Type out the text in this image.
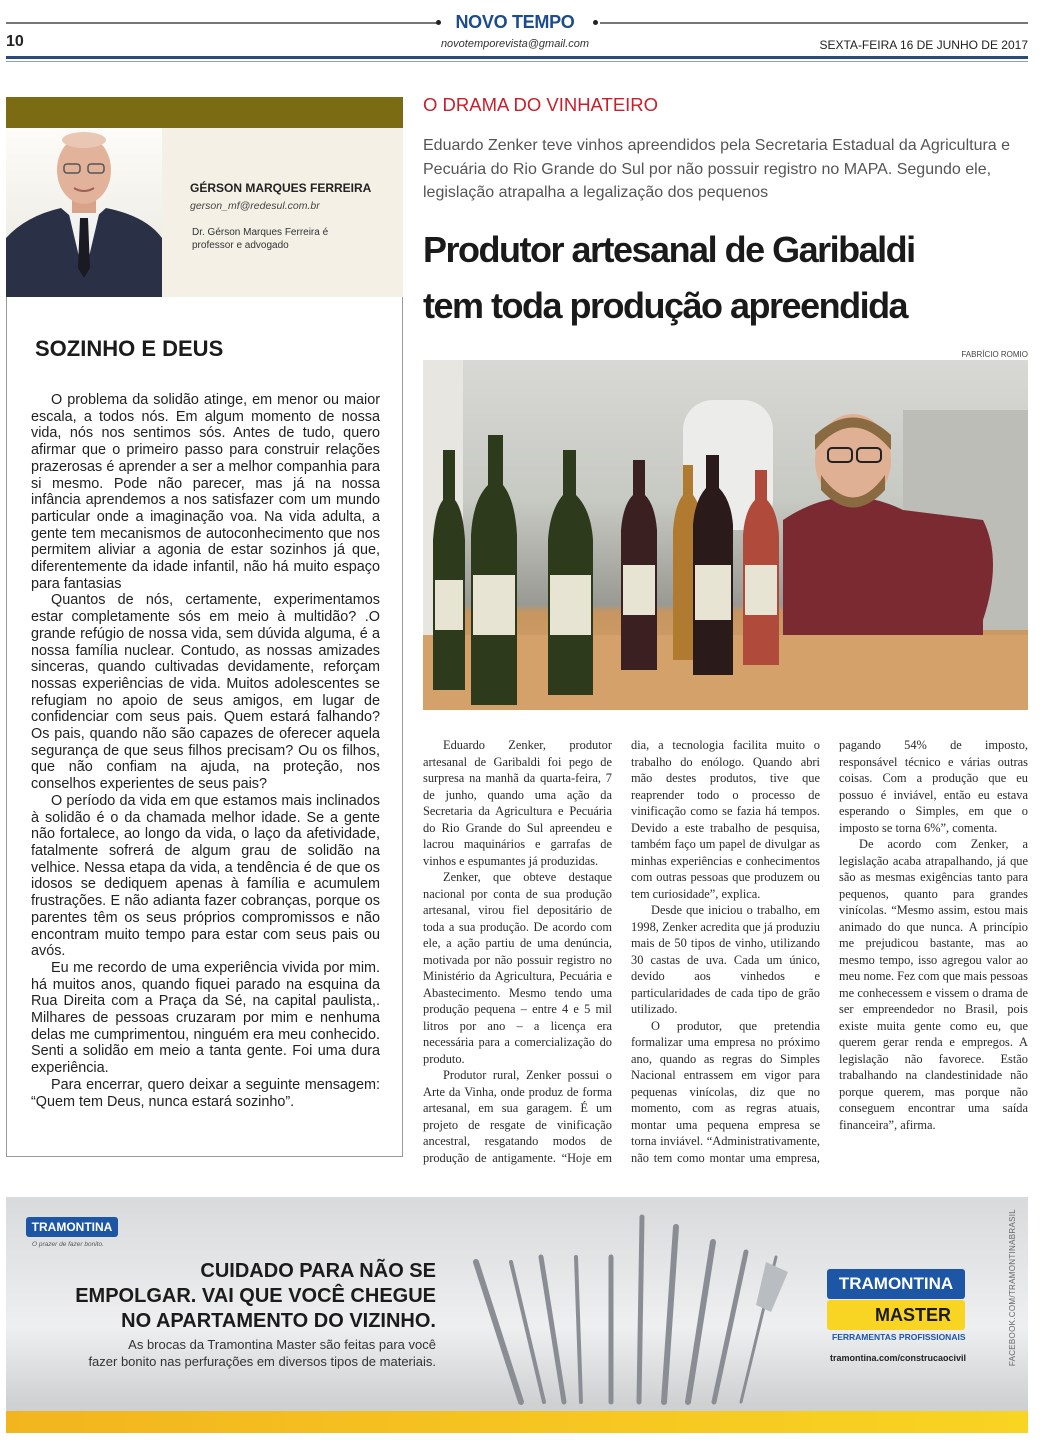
NOVO TEMPO
10	novotemporevista@gmail.com	SEXTA-FEIRA 16 DE JUNHO DE 2017
GÉRSON MARQUES FERREIRA
gerson_mf@redesul.com.br
Dr. Gérson Marques Ferreira é professor e advogado
SOZINHO E DEUS

O problema da solidão atinge, em menor ou maior escala, a todos nós. Em algum momento de nossa vida, nós nos sentimos sós. Antes de tudo, quero afirmar que o primeiro passo para construir relações prazerosas é aprender a ser a melhor companhia para si mesmo. Pode não parecer, mas já na nossa infância aprendemos a nos satisfazer com um mundo particular onde a imaginação voa. Na vida adulta, a gente tem mecanismos de autoconhecimento que nos permitem aliviar a agonia de estar sozinhos já que, diferentemente da idade infantil, não há muito espaço para fantasias

Quantos de nós, certamente, experimentamos estar completamente sós em meio à multidão? .O grande refúgio de nossa vida, sem dúvida alguma, é a nossa família nuclear. Contudo, as nossas amizades sinceras, quando cultivadas devidamente, reforçam nossas experiências de vida. Muitos adolescentes se refugiam no apoio de seus amigos, em lugar de confidenciar com seus pais. Quem estará falhando? Os pais, quando não são capazes de oferecer aquela segurança de que seus filhos precisam? Ou os filhos, que não confiam na ajuda, na proteção, nos conselhos experientes de seus pais?

O período da vida em que estamos mais inclinados à solidão é o da chamada melhor idade. Se a gente não fortalece, ao longo da vida, o laço da afetividade, fatalmente sofrerá de algum grau de solidão na velhice. Nessa etapa da vida, a tendência é de que os idosos se dediquem apenas à família e acumulem frustrações. E não adianta fazer cobranças, porque os parentes têm os seus próprios compromissos e não encontram muito tempo para estar com seus pais ou avós.

Eu me recordo de uma experiência vivida por mim. há muitos anos, quando fiquei parado na esquina da Rua Direita com a Praça da Sé, na capital paulista,. Milhares de pessoas cruzaram por mim e nenhuma delas me cumprimentou, ninguém era meu conhecido. Senti a solidão em meio a tanta gente. Foi uma dura experiência.

Para encerrar, quero deixar a seguinte mensagem: “Quem tem Deus, nunca estará sozinho”.

O DRAMA DO VINHATEIRO
Eduardo Zenker teve vinhos apreendidos pela Secretaria Estadual da Agricultura e Pecuária do Rio Grande do Sul por não possuir registro no MAPA. Segundo ele, legislação atrapalha a legalização dos pequenos
Produtor artesanal de Garibaldi
tem toda produção apreendida
FABRÍCIO ROMIO

Eduardo Zenker, produtor artesanal de Garibaldi foi pego de surpresa na manhã da quarta-feira, 7 de junho, quando uma ação da Secretaria da Agricultura e Pecuária do Rio Grande do Sul apreendeu e lacrou maquinários e garrafas de vinhos e espumantes já produzidas.

Zenker, que obteve destaque nacional por conta de sua produção artesanal, virou fiel depositário de toda a sua produção. De acordo com ele, a ação partiu de uma denúncia, motivada por não possuir registro no Ministério da Agricultura, Pecuária e Abastecimento. Mesmo tendo uma produção pequena – entre 4 e 5 mil litros por ano – a licença era necessária para a comercialização do produto.

Produtor rural, Zenker possui o Arte da Vinha, onde produz de forma artesanal, em sua garagem. É um projeto de resgate de vinificação ancestral, resgatando modos de produção de antigamente. “Hoje em dia, a tecnologia facilita muito o trabalho do enólogo. Quando abri mão destes produtos, tive que reaprender todo o processo de vinificação como se fazia há tempos. Devido a este trabalho de pesquisa, também faço um papel de divulgar as minhas experiências e conhecimentos com outras pessoas que produzem ou tem curiosidade”, explica.

Desde que iniciou o trabalho, em 1998, Zenker acredita que já produziu mais de 50 tipos de vinho, utilizando 30 castas de uva. Cada um único, devido aos vinhedos e particularidades de cada tipo de grão utilizado.

O produtor, que pretendia formalizar uma empresa no próximo ano, quando as regras do Simples Nacional entrassem em vigor para pequenas vinícolas, diz que no momento, com as regras atuais, montar uma pequena empresa se torna inviável. “Administrativamente, não tem como montar uma empresa, pagando 54% de imposto, responsável técnico e várias outras coisas. Com a produção que eu possuo é inviável, então eu estava esperando o Simples, em que o imposto se torna 6%”, comenta.

De acordo com Zenker, a legislação acaba atrapalhando, já que são as mesmas exigências tanto para pequenos, quanto para grandes vinícolas. “Mesmo assim, estou mais animado do que nunca. A princípio me prejudicou bastante, mas ao mesmo tempo, isso agregou valor ao meu nome. Fez com que mais pessoas me conhecessem e vissem o drama de ser empreendedor no Brasil, pois existe muita gente como eu, que querem gerar renda e empregos. A legislação não favorece. Estão trabalhando na clandestinidade não porque querem, mas porque não conseguem encontrar uma saída financeira”, afirma.

TRAMONTINA
O prazer de fazer bonito.
CUIDADO PARA NÃO SE
EMPOLGAR. VAI QUE VOCÊ CHEGUE
NO APARTAMENTO DO VIZINHO.
As brocas da Tramontina Master são feitas para você
fazer bonito nas perfurações em diversos tipos de materiais.
TRAMONTINA
MASTER
FERRAMENTAS PROFISSIONAIS
tramontina.com/construcaocivil	FACEBOOK.COM/TRAMONTINABRASIL
